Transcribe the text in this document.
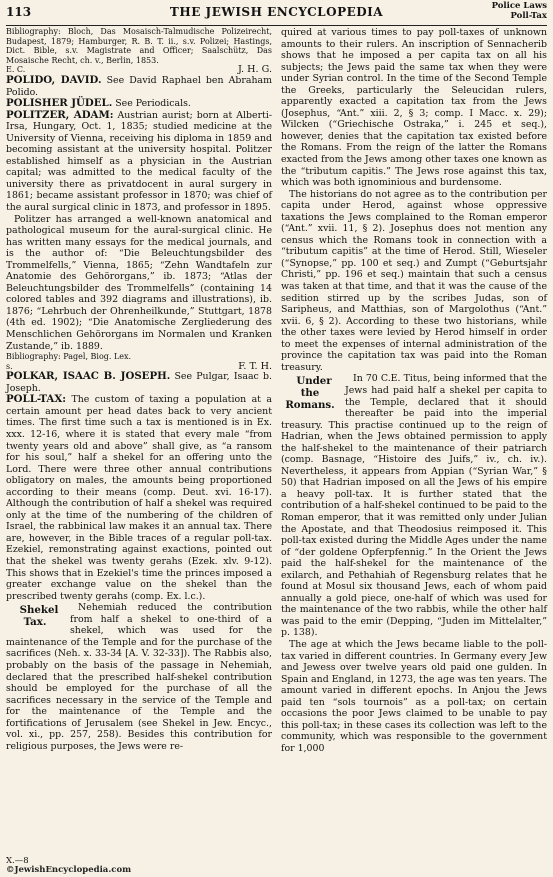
113	THE JEWISH ENCYCLOPEDIA	Police Laws
Poll-Tax

Bibliography: Bloch, Das Mosaisch-Talmudische Polizeirecht, Budapest, 1879; Hamburger, R. B. T. ii., s.v. Polizei; Hastings, Dict. Bible, s.v. Magistrate and Officer; Saalschütz, Das Mosaische Recht, ch. v., Berlin, 1853.

E. C.	J. H. G.

POLIDO, DAVID. See David Raphael ben Abraham Polido.

POLISHER JÜDEL. See Periodicals.

POLITZER, ADAM: Austrian aurist; born at Alberti-Irsa, Hungary, Oct. 1, 1835; studied medicine at the University of Vienna, receiving his diploma in 1859 and becoming assistant at the university hospital. Politzer established himself as a physician in the Austrian capital; was admitted to the medical faculty of the university there as privatdocent in aural surgery in 1861; became assistant professor in 1870; was chief of the aural surgical clinic in 1873, and professor in 1895.

Politzer has arranged a well-known anatomical and pathological museum for the aural-surgical clinic. He has written many essays for the medical journals, and is the author of: “Die Beleuchtungsbilder des Trommelfells,” Vienna, 1865; “Zehn Wandtafeln zur Anatomie des Gehörorgans,” ib. 1873; “Atlas der Beleuchtungsbilder des Trommelfells” (containing 14 colored tables and 392 diagrams and illustrations), ib. 1876; “Lehrbuch der Ohrenheilkunde,” Stuttgart, 1878 (4th ed. 1902); “Die Anatomische Zergliederung des Menschlichen Gehörorgans im Normalen und Kranken Zustande,” ib. 1889.

Bibliography: Pagel, Biog. Lex.

s.	F. T. H.

POLKAR, ISAAC B. JOSEPH. See Pulgar, Isaac b. Joseph.

POLL-TAX: The custom of taxing a population at a certain amount per head dates back to very ancient times. The first time such a tax is mentioned is in Ex. xxx. 12-16, where it is stated that every male “from twenty years old and above” shall give, as “a ransom for his soul,” half a shekel for an offering unto the Lord. There were three other annual contributions obligatory on males, the amounts being proportioned according to their means (comp. Deut. xvi. 16-17). Although the contribution of half a shekel was required only at the time of the numbering of the children of Israel, the rabbinical law makes it an annual tax. There are, however, in the Bible traces of a regular poll-tax. Ezekiel, remonstrating against exactions, pointed out that the shekel was twenty gerahs (Ezek. xlv. 9-12). This shows that in Ezekiel's time the princes imposed a greater exchange value on the shekel than the prescribed twenty gerahs (comp. Ex. l.c.).

Shekel Tax.
Nehemiah reduced the contribution from half a shekel to one-third of a shekel, which was used for the maintenance of the Temple and for the purchase of the sacrifices (Neh. x. 33-34 [A. V. 32-33]). The Rabbis also, probably on the basis of the passage in Nehemiah, declared that the prescribed half-shekel contribution should be employed for the purchase of all the sacrifices necessary in the service of the Temple and for the maintenance of the Temple and the fortifications of Jerusalem (see Shekel in Jew. Encyc., vol. xi., pp. 257, 258). Besides this contribution for religious purposes, the Jews were re-

quired at various times to pay poll-taxes of unknown amounts to their rulers. An inscription of Sennacherib shows that he imposed a per capita tax on all his subjects; the Jews paid the same tax when they were under Syrian control. In the time of the Second Temple the Greeks, particularly the Seleucidan rulers, apparently exacted a capitation tax from the Jews (Josephus, “Ant.” xiii. 2, § 3; comp. I Macc. x. 29); Wilcken (“Griechische Ostraka,” i. 245 et seq.), however, denies that the capitation tax existed before the Romans. From the reign of the latter the Romans exacted from the Jews among other taxes one known as the “tributum capitis.” The Jews rose against this tax, which was both ignominious and burdensome.

The historians do not agree as to the contribution per capita under Herod, against whose oppressive taxations the Jews complained to the Roman emperor (“Ant.” xvii. 11, § 2). Josephus does not mention any census which the Romans took in connection with a “tributum capitis” at the time of Herod. Still, Wieseler (“Synopse,” pp. 100 et seq.) and Zumpt (“Geburtsjahr Christi,” pp. 196 et seq.) maintain that such a census was taken at that time, and that it was the cause of the sedition stirred up by the scribes Judas, son of Saripheus, and Matthias, son of Margolothus (“Ant.” xvii. 6, § 2). According to these two historians, while the other taxes were levied by Herod himself in order to meet the expenses of internal administration of the province the capitation tax was paid into the Roman treasury.

Under the Romans.
In 70 C.E. Titus, being informed that the Jews had paid half a shekel per capita to the Temple, declared that it should thereafter be paid into the imperial treasury. This practise continued up to the reign of Hadrian, when the Jews obtained permission to apply the half-shekel to the maintenance of their patriarch (comp. Basnage, “Histoire des Juifs,” iv., ch. iv.). Nevertheless, it appears from Appian (“Syrian War,” § 50) that Hadrian imposed on all the Jews of his empire a heavy poll-tax. It is further stated that the contribution of a half-shekel continued to be paid to the Roman emperor, that it was remitted only under Julian the Apostate, and that Theodosius reimposed it. This poll-tax existed during the Middle Ages under the name of “der goldene Opferpfennig.” In the Orient the Jews paid the half-shekel for the maintenance of the exilarch, and Pethahiah of Regensburg relates that he found at Mosul six thousand Jews, each of whom paid annually a gold piece, one-half of which was used for the maintenance of the two rabbis, while the other half was paid to the emir (Depping, “Juden im Mittelalter,” p. 138).

The age at which the Jews became liable to the poll-tax varied in different countries. In Germany every Jew and Jewess over twelve years old paid one gulden. In Spain and England, in 1273, the age was ten years. The amount varied in different epochs. In Anjou the Jews paid ten “sols tournois” as a poll-tax; on certain occasions the poor Jews claimed to be unable to pay this poll-tax; in these cases its collection was left to the community, which was responsible to the government for 1,000

X.—8
©JewishEncyclopedia.com
